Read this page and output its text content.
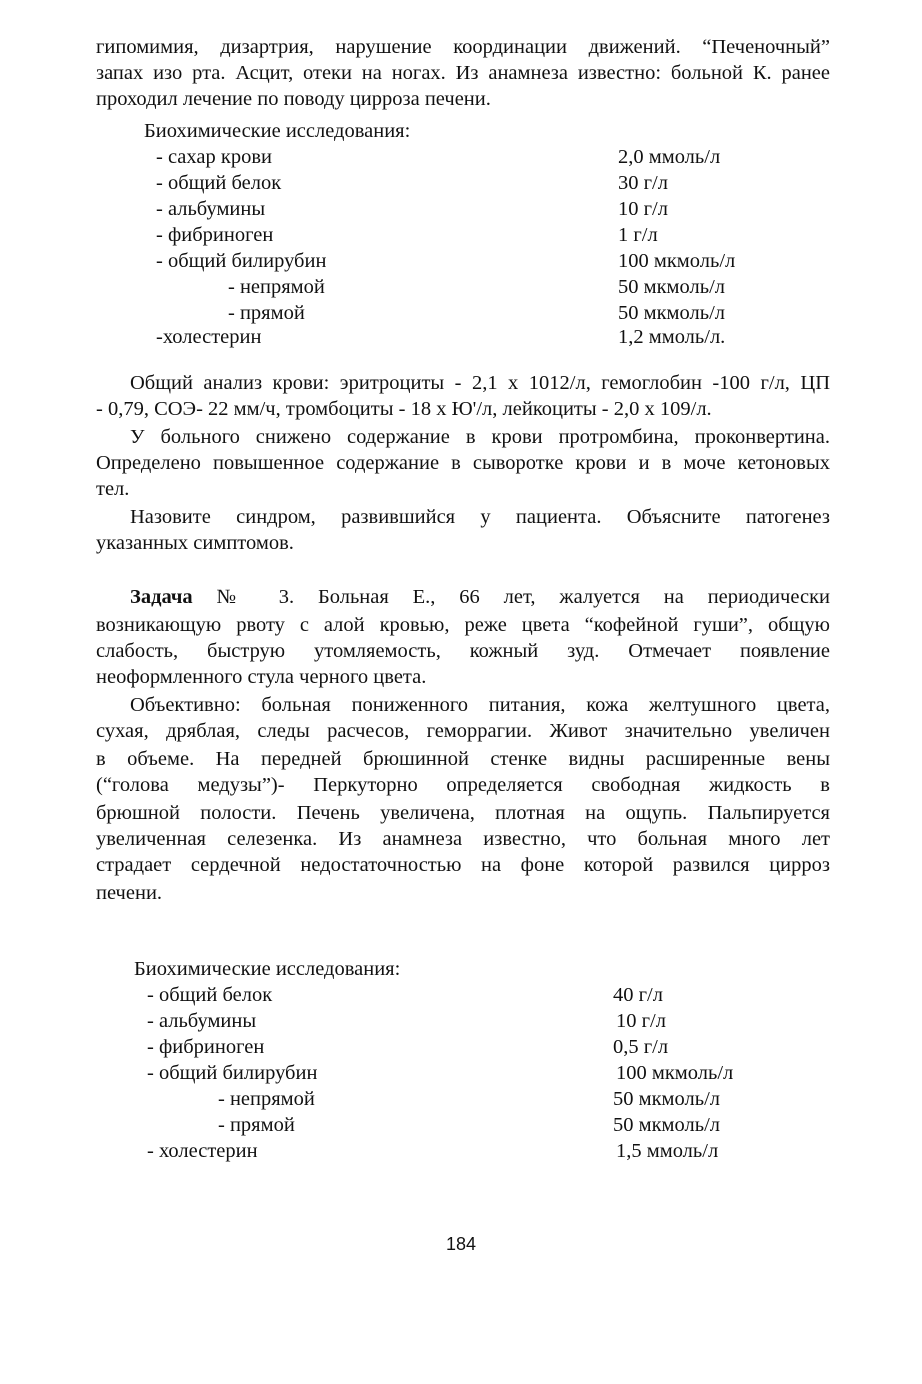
гипомимия, дизартрия, нарушение координации движений. “Печеночный”
запах изо рта. Асцит, отеки на ногах. Из анамнеза известно: больной К. ранее
проходил лечение по поводу цирроза печени.
Биохимические исследования:
- сахар крови	2,0 ммоль/л
- общий белок	30 г/л
- альбумины	10 г/л
- фибриноген	1 г/л
- общий билирубин	100 мкмоль/л
- непрямой	50 мкмоль/л
- прямой	50 мкмоль/л
-холестерин	1,2 ммоль/л.
Общий анализ крови: эритроциты - 2,1 х 1012/л, гемоглобин -100 г/л, ЦП
- 0,79, СОЭ- 22 мм/ч, тромбоциты - 18 х Ю'/л, лейкоциты - 2,0 х 109/л.
У больного снижено содержание в крови протромбина, проконвертина.
Определено повышенное содержание в сыворотке крови и в моче кетоновых
тел.
Назовите синдром, развившийся у пациента. Объясните патогенез
указанных симптомов.
Задача № 3. Больная Е., 66 лет, жалуется на периодически
возникающую рвоту с алой кровью, реже цвета “кофейной гуши”, общую
слабость, быструю утомляемость, кожный зуд. Отмечает появление
неоформленного стула черного цвета.
Объективно: больная пониженного питания, кожа желтушного цвета,
сухая, дряблая, следы расчесов, геморрагии. Живот значительно увеличен
в объеме. На передней брюшинной стенке видны расширенные вены
(“голова медузы”)- Перкуторно определяется свободная жидкость в
брюшной полости. Печень увеличена, плотная на ощупь. Пальпируется
увеличенная селезенка. Из анамнеза известно, что больная много лет
страдает сердечной недостаточностью на фоне которой развился цирроз
печени.
Биохимические исследования:
- общий белок	40 г/л
- альбумины	10 г/л
- фибриноген	0,5 г/л
- общий билирубин	100 мкмоль/л
- непрямой	50 мкмоль/л
- прямой	50 мкмоль/л
- холестерин	1,5 ммоль/л
184
